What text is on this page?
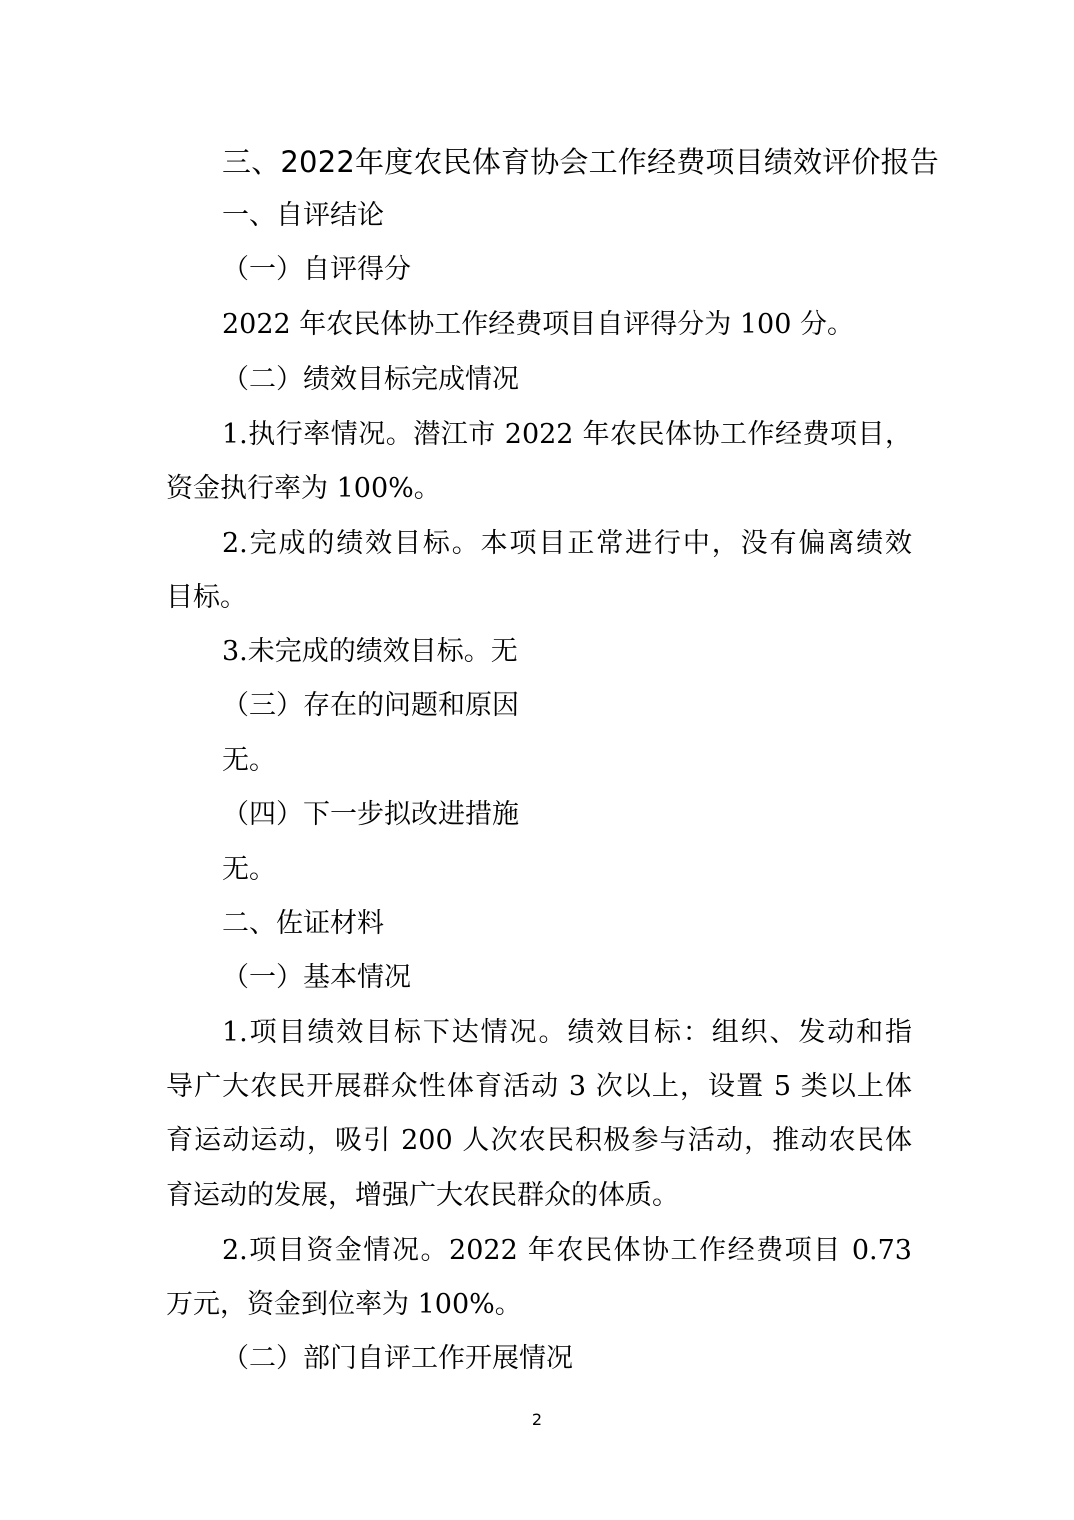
三、2022年度农民体育协会工作经费项目绩效评价报告
一、自评结论
（一）自评得分
2022 年农民体协工作经费项目自评得分为 100 分。
（二）绩效目标完成情况
1.执行率情况。潜江市 2022 年农民体协工作经费项目，
资金执行率为 100%。
2.完成的绩效目标。本项目正常进行中，没有偏离绩效
目标。
3.未完成的绩效目标。无
（三）存在的问题和原因
无。
（四）下一步拟改进措施
无。
二、佐证材料
（一）基本情况
1.项目绩效目标下达情况。绩效目标：组织、发动和指
导广大农民开展群众性体育活动 3 次以上，设置 5 类以上体
育运动运动，吸引 200 人次农民积极参与活动，推动农民体
育运动的发展，增强广大农民群众的体质。
2.项目资金情况。2022 年农民体协工作经费项目 0.73
万元，资金到位率为 100%。
（二）部门自评工作开展情况
2
